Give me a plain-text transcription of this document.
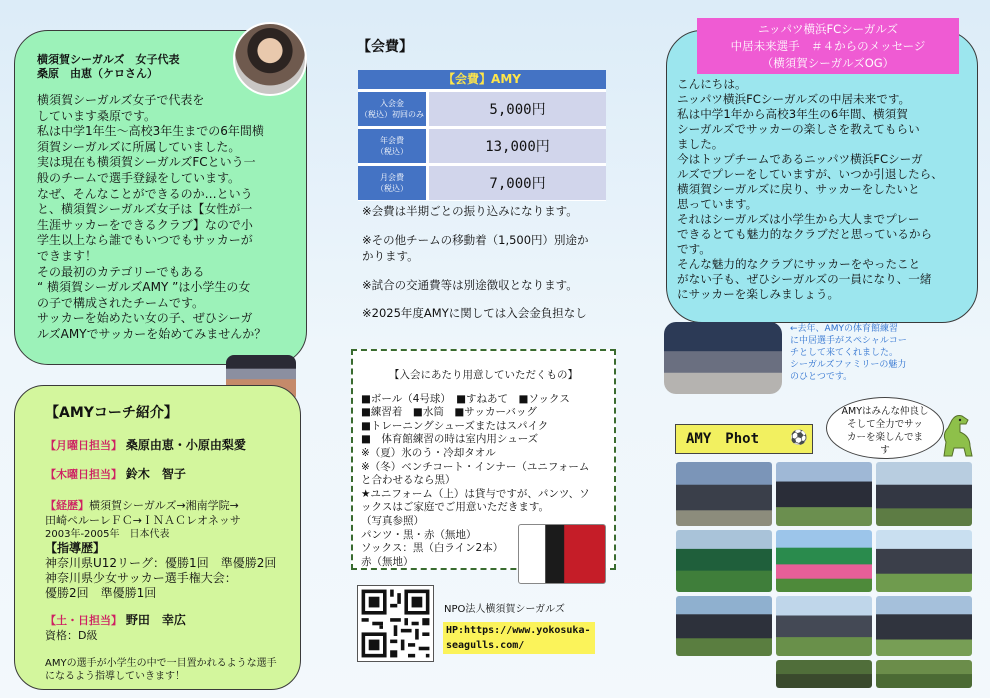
横須賀シーガルズ　女子代表
桑原　由恵（ケロさん）
横須賀シーガルズ女子で代表を
しています桑原です。
私は中学1年生～高校3年生までの6年間横
須賀シーガルズに所属していました。
実は現在も横須賀シーガルズFCという一
般のチームで選手登録をしています。
なぜ、そんなことができるのか…という
と、横須賀シーガルズ女子は【女性が一
生涯サッカーをできるクラブ】なので小
学生以上なら誰でもいつでもサッカーが
できます！
その最初のカテゴリーでもある
“ 横須賀シーガルズAMY ”は小学生の女
の子で構成されたチームです。
サッカーを始めたい女の子、ぜひシーガ
ルズAMYでサッカーを始めてみませんか？
【AMYコーチ紹介】
【月曜日担当】 桑原由恵・小原由梨愛
【木曜日担当】 鈴木　智子
【経歴】横須賀シーガルズ→湘南学院→
田崎ペルーレＦＣ→ＩＮＡＣレオネッサ
2003年-2005年　日本代表
【指導歴】
神奈川県U12リーグ：優勝1回　準優勝2回
神奈川県少女サッカー選手権大会：
優勝2回　準優勝1回
【土・日担当】 野田　幸広
資格：D級
AMYの選手が小学生の中で一目置かれるような選手
になるよう指導していきます！
【会費】
【会費】AMY
入会金
（税込）初回のみ	5,000円
年会費
（税込）	13,000円
月会費
（税込）	7,000円
※会費は半期ごとの振り込みになります。
※その他チームの移動着（1,500円）別途か
かります。
※試合の交通費等は別途徴収となります。
※2025年度AMYに関しては入会金負担なし
【入会にあたり用意していただくもの】
■ボール（4号球）　■すねあて　■ソックス
■練習着　■水筒　■サッカーバッグ
■トレーニングシューズまたはスパイク
■　体育館練習の時は室内用シューズ
※（夏）氷のう・冷却タオル
※（冬）ベンチコート・インナー（ユニフォーム
と合わせるなら黒）
★ユニフォーム（上）は貸与ですが、パンツ、ソ
ックスはご家庭でご用意いただきます。
（写真参照）
パンツ・黒・赤（無地）
ソックス：黒（白ライン2本）
赤（無地）
NPO法人横須賀シーガルズ
HP:https://www.yokosuka-
seagulls.com/
こんにちは。
ニッパツ横浜FCシーガルズの中居未来です。
私は中学1年から高校3年生の6年間、横須賀
シーガルズでサッカーの楽しさを教えてもらい
ました。
今はトップチームであるニッパツ横浜FCシーガ
ルズでプレーをしていますが、いつか引退したら、
横須賀シーガルズに戻り、サッカーをしたいと
思っています。
それはシーガルズは小学生から大人までプレー
できるとても魅力的なクラブだと思っているから
です。
そんな魅力的なクラブにサッカーをやったこと
がない子も、ぜひシーガルズの一員になり、一緒
にサッカーを楽しみましょう。
ニッパツ横浜FCシーガルズ
中居未来選手　＃４からのメッセージ
（横須賀シーガルズOG）
←去年、AMYの体育館練習
に中居選手がスペシャルコー
チとして来てくれました。
シーガルズファミリーの魅力
のひとつです。
AMYはみんな仲良し
そして全力でサッ
カーを楽しんでま
す
AMY　Phot	⚽
